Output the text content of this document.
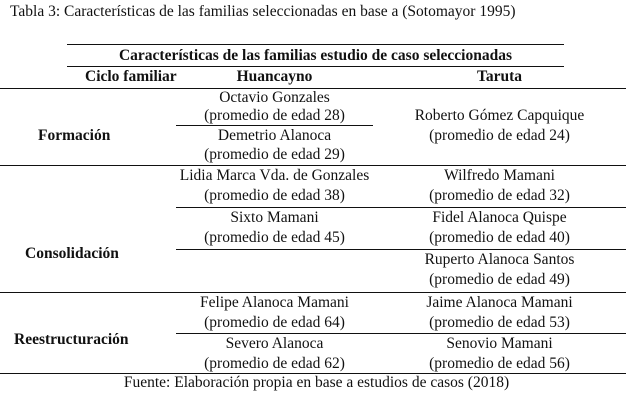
Tabla 3: Características de las familias seleccionadas en base a (Sotomayor 1995)
Características de las familias estudio de caso seleccionadas
Ciclo familiar	Huancayno	Taruta
Formación
Octavio Gonzales
(promedio de edad 28)
Demetrio Alanoca
(promedio de edad 29)
Roberto Gómez Capquique
(promedio de edad 24)
Consolidación
Lidia Marca Vda. de Gonzales
(promedio de edad 38)
Sixto Mamani
(promedio de edad 45)
Wilfredo Mamani
(promedio de edad 32)
Fidel Alanoca Quispe
(promedio de edad 40)
Ruperto Alanoca Santos
(promedio de edad 49)
Reestructuración
Felipe Alanoca Mamani
(promedio de edad 64)
Severo Alanoca
(promedio de edad 62)
Jaime Alanoca Mamani
(promedio de edad 53)
Senovio Mamani
(promedio de edad 56)
Fuente: Elaboración propia en base a estudios de casos (2018)
